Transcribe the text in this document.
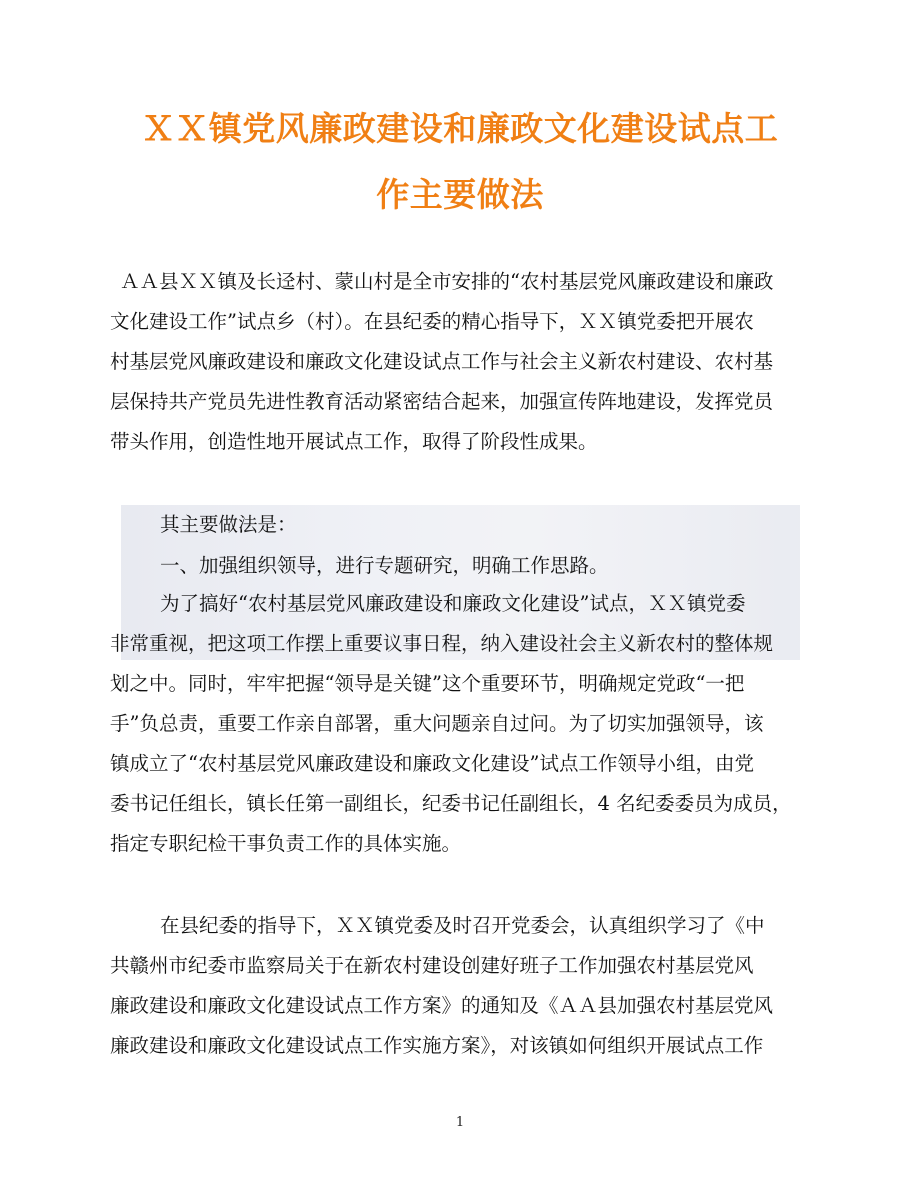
ＸＸ镇党风廉政建设和廉政文化建设试点工
作主要做法
ＡＡ县ＸＸ镇及长迳村、蒙山村是全市安排的“农村基层党风廉政建设和廉政
文化建设工作”试点乡（村）。在县纪委的精心指导下，ＸＸ镇党委把开展农
村基层党风廉政建设和廉政文化建设试点工作与社会主义新农村建设、农村基
层保持共产党员先进性教育活动紧密结合起来，加强宣传阵地建设，发挥党员
带头作用，创造性地开展试点工作，取得了阶段性成果。
其主要做法是：
一、加强组织领导，进行专题研究，明确工作思路。
为了搞好“农村基层党风廉政建设和廉政文化建设”试点，ＸＸ镇党委
非常重视，把这项工作摆上重要议事日程，纳入建设社会主义新农村的整体规
划之中。同时，牢牢把握“领导是关键”这个重要环节，明确规定党政“一把
手”负总责，重要工作亲自部署，重大问题亲自过问。为了切实加强领导，该
镇成立了“农村基层党风廉政建设和廉政文化建设”试点工作领导小组，由党
委书记任组长，镇长任第一副组长，纪委书记任副组长，4 名纪委委员为成员，
指定专职纪检干事负责工作的具体实施。
在县纪委的指导下，ＸＸ镇党委及时召开党委会，认真组织学习了《中
共赣州市纪委市监察局关于在新农村建设创建好班子工作加强农村基层党风
廉政建设和廉政文化建设试点工作方案》的通知及《ＡＡ县加强农村基层党风
廉政建设和廉政文化建设试点工作实施方案》，对该镇如何组织开展试点工作
1
